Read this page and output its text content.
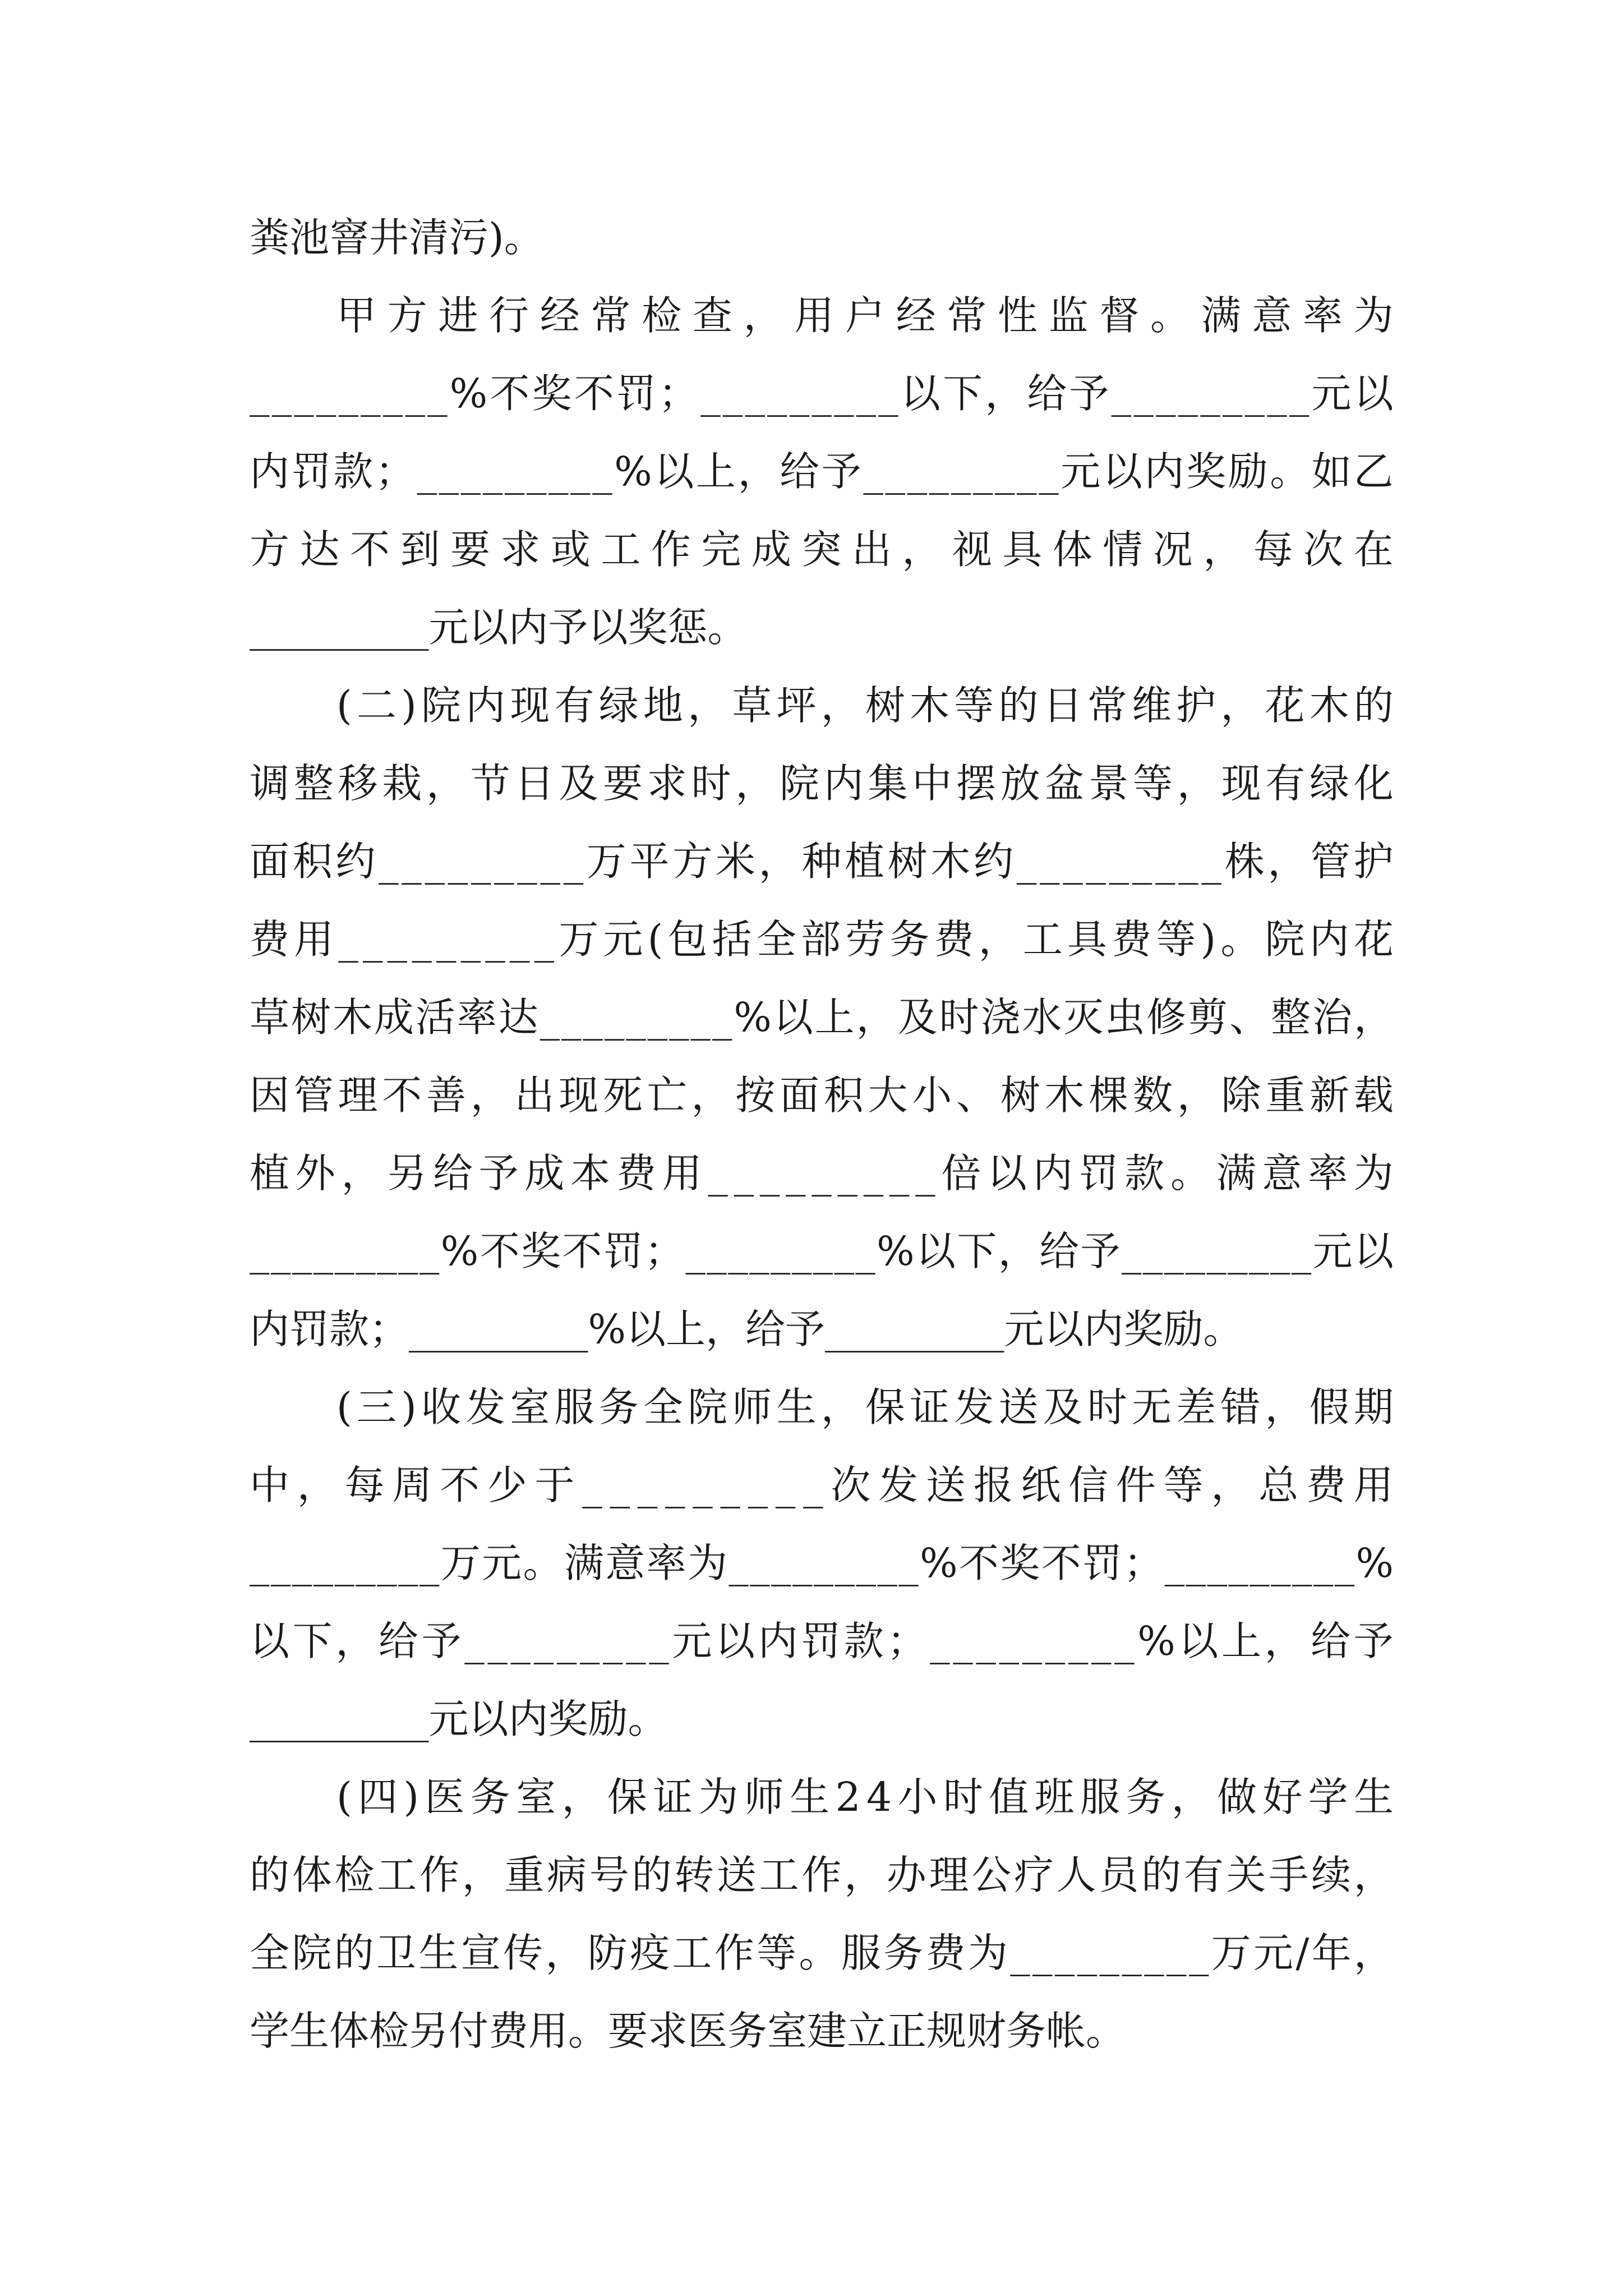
粪池窨井清污)。
甲 方 进 行 经 常 检 查 ， 用 户 经 常 性 监 督 。 满 意 率 为
_ _ _ _ _ _ _ _ _ % 不 奖 不 罚 ； _ _ _ _ _ _ _ _ _ 以 下 ， 给 予 _ _ _ _ _ _ _ _ _ 元 以
内 罚 款 ； _ _ _ _ _ _ _ _ _ % 以 上 ， 给 予 _ _ _ _ _ _ _ _ _ 元 以 内 奖 励 。 如 乙
方 达 不 到 要 求 或 工 作 完 成 突 出 ， 视 具 体 情 况 ， 每 次 在
_________元以内予以奖惩。
( 二 ) 院 内 现 有 绿 地 ， 草 坪 ， 树 木 等 的 日 常 维 护 ， 花 木 的
调 整 移 栽 ， 节 日 及 要 求 时 ， 院 内 集 中 摆 放 盆 景 等 ， 现 有 绿 化
面 积 约 _ _ _ _ _ _ _ _ _ 万 平 方 米 ， 种 植 树 木 约 _ _ _ _ _ _ _ _ _ 株 ， 管 护
费 用 _ _ _ _ _ _ _ _ _ 万 元 ( 包 括 全 部 劳 务 费 ， 工 具 费 等 ) 。 院 内 花
草 树 木 成 活 率 达 _ _ _ _ _ _ _ _ _ % 以 上 ， 及 时 浇 水 灭 虫 修 剪 、 整 治 ，
因 管 理 不 善 ， 出 现 死 亡 ， 按 面 积 大 小 、 树 木 棵 数 ， 除 重 新 载
植 外 ， 另 给 予 成 本 费 用 _ _ _ _ _ _ _ _ _ 倍 以 内 罚 款 。 满 意 率 为
_ _ _ _ _ _ _ _ _ % 不 奖 不 罚 ； _ _ _ _ _ _ _ _ _ % 以 下 ， 给 予 _ _ _ _ _ _ _ _ _ 元 以
内罚款；_________%以上，给予_________元以内奖励。
( 三 ) 收 发 室 服 务 全 院 师 生 ， 保 证 发 送 及 时 无 差 错 ， 假 期
中 ， 每 周 不 少 于 _ _ _ _ _ _ _ _ _ 次 发 送 报 纸 信 件 等 ， 总 费 用
_ _ _ _ _ _ _ _ _ 万 元 。 满 意 率 为 _ _ _ _ _ _ _ _ _ % 不 奖 不 罚 ； _ _ _ _ _ _ _ _ _ %
以 下 ， 给 予 _ _ _ _ _ _ _ _ _ 元 以 内 罚 款 ； _ _ _ _ _ _ _ _ _ % 以 上 ， 给 予
_________元以内奖励。
( 四 ) 医 务 室 ， 保 证 为 师 生 2 4 小 时 值 班 服 务 ， 做 好 学 生
的 体 检 工 作 ， 重 病 号 的 转 送 工 作 ， 办 理 公 疗 人 员 的 有 关 手 续 ，
全 院 的 卫 生 宣 传 ， 防 疫 工 作 等 。 服 务 费 为 _ _ _ _ _ _ _ _ _ 万 元 / 年 ，
学生体检另付费用。要求医务室建立正规财务帐。
